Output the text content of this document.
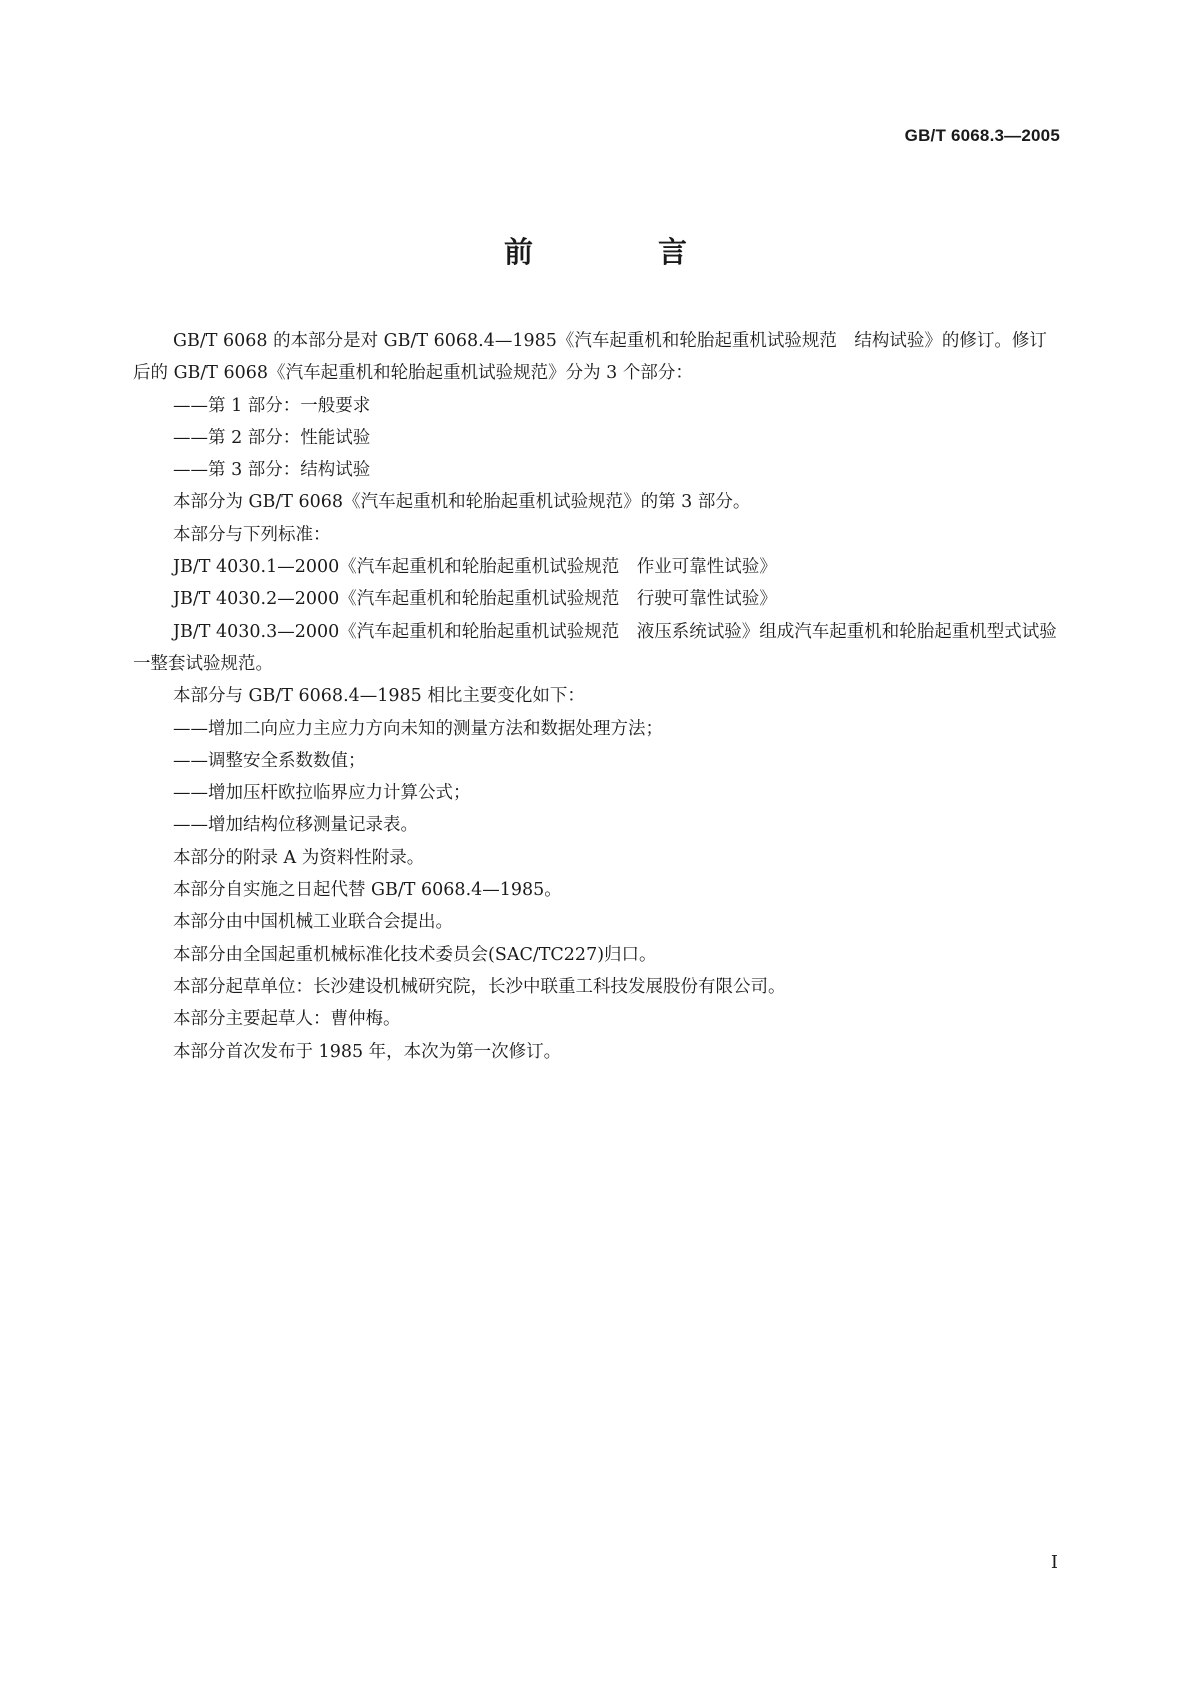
GB/T 6068.3—2005
前　言

GB/T 6068 的本部分是对 GB/T 6068.4—1985《汽车起重机和轮胎起重机试验规范　结构试验》的修订。修订后的 GB/T 6068《汽车起重机和轮胎起重机试验规范》分为 3 个部分：

——第 1 部分：一般要求

——第 2 部分：性能试验

——第 3 部分：结构试验

本部分为 GB/T 6068《汽车起重机和轮胎起重机试验规范》的第 3 部分。

本部分与下列标准：

JB/T 4030.1—2000《汽车起重机和轮胎起重机试验规范　作业可靠性试验》

JB/T 4030.2—2000《汽车起重机和轮胎起重机试验规范　行驶可靠性试验》

JB/T 4030.3—2000《汽车起重机和轮胎起重机试验规范　液压系统试验》组成汽车起重机和轮胎起重机型式试验一整套试验规范。

本部分与 GB/T 6068.4—1985 相比主要变化如下：

——增加二向应力主应力方向未知的测量方法和数据处理方法；

——调整安全系数数值；

——增加压杆欧拉临界应力计算公式；

——增加结构位移测量记录表。

本部分的附录 A 为资料性附录。

本部分自实施之日起代替 GB/T 6068.4—1985。

本部分由中国机械工业联合会提出。

本部分由全国起重机械标准化技术委员会(SAC/TC227)归口。

本部分起草单位：长沙建设机械研究院，长沙中联重工科技发展股份有限公司。

本部分主要起草人：曹仲梅。

本部分首次发布于 1985 年，本次为第一次修订。

I
